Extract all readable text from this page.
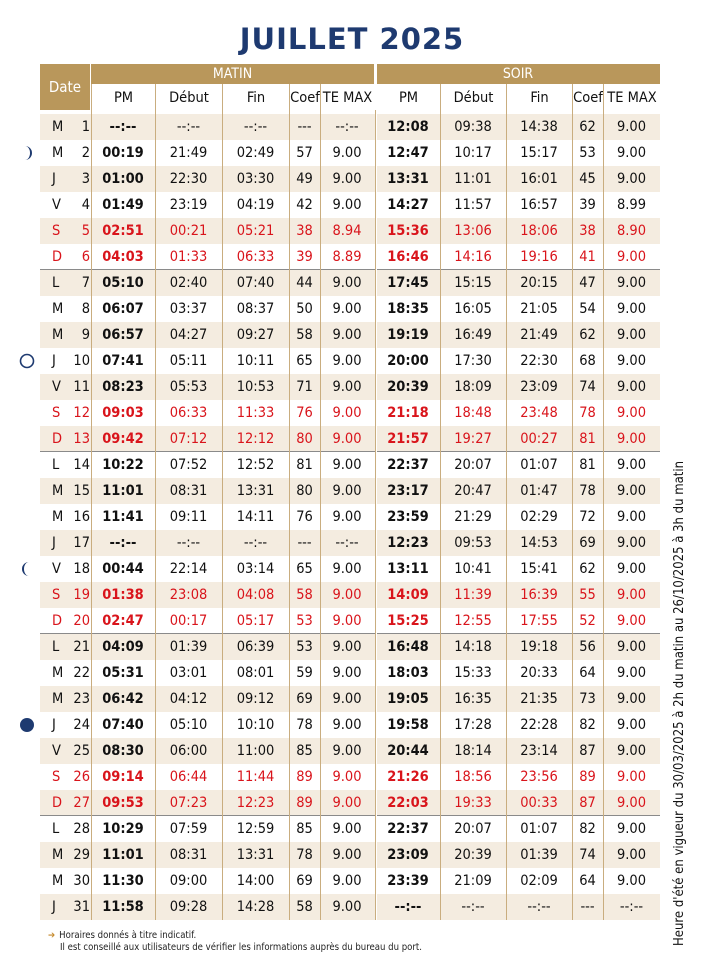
JUILLET 2025
Date
MATIN	SOIR
PM	Début	Fin	Coef TE MAX	PM	Début	Fin	Coef TE MAX
M	1	--:--	--:--	--:--	---	--:--	12:08	09:38	14:38	62	9.00
M	2 00:19	21:49	02:49	57	9.00	12:47	10:17	15:17	53	9.00
J	3 01:00	22:30	03:30	49	9.00	13:31	11:01	16:01	45	9.00
V	4 01:49	23:19	04:19	42	9.00	14:27	11:57	16:57	39	8.99
S	5 02:51	00:21	05:21	38	8.94	15:36	13:06	18:06	38	8.90
D	6 04:03	01:33	06:33	39	8.89	16:46	14:16	19:16	41	9.00
L	7 05:10	02:40	07:40	44	9.00	17:45	15:15	20:15	47	9.00
M	8 06:07	03:37	08:37	50	9.00	18:35	16:05	21:05	54	9.00
M	9 06:57	04:27	09:27	58	9.00	19:19	16:49	21:49	62	9.00
J	10 07:41	05:11	10:11	65	9.00	20:00	17:30	22:30	68	9.00
V 11 08:23	05:53	10:53	71	9.00	20:39	18:09	23:09	74	9.00
S 12 09:03	06:33	11:33	76	9.00	21:18	18:48	23:48	78	9.00
D 13 09:42	07:12	12:12	80	9.00	21:57	19:27	00:27	81	9.00
L 14 10:22	07:52	12:52	81	9.00	22:37	20:07	01:07	81	9.00
M 15 11:01	08:31	13:31	80	9.00	23:17	20:47	01:47	78	9.00
M 16 11:41	09:11	14:11	76	9.00	23:59	21:29	02:29	72	9.00
J	17	--:--	--:--	--:--	---	--:--	12:23	09:53	14:53	69	9.00
V 18 00:44	22:14	03:14	65	9.00	13:11	10:41	15:41	62	9.00
S 19 01:38	23:08	04:08	58	9.00	14:09	11:39	16:39	55	9.00
D 20 02:47	00:17	05:17	53	9.00	15:25	12:55	17:55	52	9.00
L 21 04:09	01:39	06:39	53	9.00	16:48	14:18	19:18	56	9.00
M 22 05:31	03:01	08:01	59	9.00	18:03	15:33	20:33	64	9.00
M 23 06:42	04:12	09:12	69	9.00	19:05	16:35	21:35	73	9.00
J	24 07:40	05:10	10:10	78	9.00	19:58	17:28	22:28	82	9.00
V 25 08:30	06:00	11:00	85	9.00	20:44	18:14	23:14	87	9.00
S 26 09:14	06:44	11:44	89	9.00	21:26	18:56	23:56	89	9.00
D 27 09:53	07:23	12:23	89	9.00	22:03	19:33	00:33	87	9.00
L 28 10:29	07:59	12:59	85	9.00	22:37	20:07	01:07	82	9.00
M 29 11:01	08:31	13:31	78	9.00	23:09	20:39	01:39	74	9.00
M 30 11:30	09:00	14:00	69	9.00	23:39	21:09	02:09	64	9.00
J	31 11:58	09:28	14:28	58	9.00	--:--	--:--	--:--	---	--:--	Heure d'été en vigueur du 30/03/2025 à 2h du matin au 26/10/2025 à 3h du matin
➔ Horaires donnés à titre indicatif.
Il est conseillé aux utilisateurs de vérifier les informations auprès du bureau du port.
